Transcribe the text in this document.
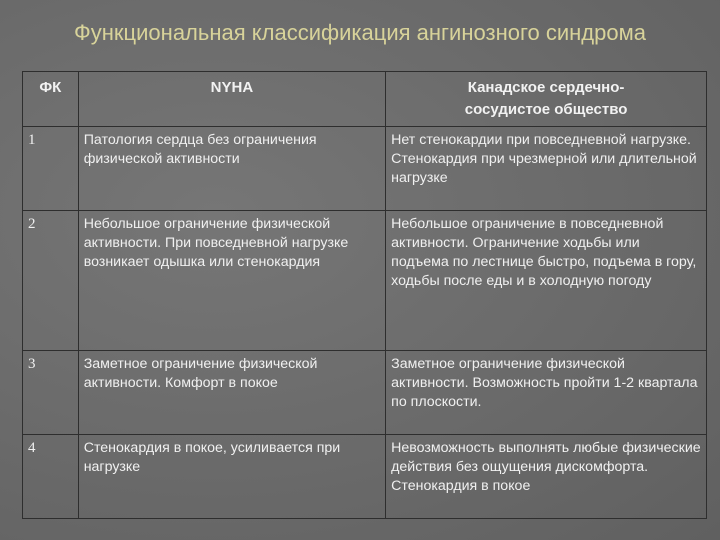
Функциональная классификация ангинозного синдрома
ФК	NYHA	Канадское сердечно-сосудистое общество
1	Патология сердца без ограничения физической активности	Нет стенокардии при повседневной нагрузке. Стенокардия при чрезмерной или длительной нагрузке
2	Небольшое ограничение физической активности. При повседневной нагрузке возникает одышка или стенокардия	Небольшое ограничение в повседневной активности. Ограничение ходьбы или подъема по лестнице быстро, подъема в гору, ходьбы после еды и в холодную погоду
3	Заметное ограничение физической активности. Комфорт в покое	Заметное ограничение физической активности. Возможность пройти 1-2 квартала по плоскости.
4	Стенокардия в покое, усиливается при нагрузке	Невозможность выполнять любые физические действия без ощущения дискомфорта. Стенокардия в покое
